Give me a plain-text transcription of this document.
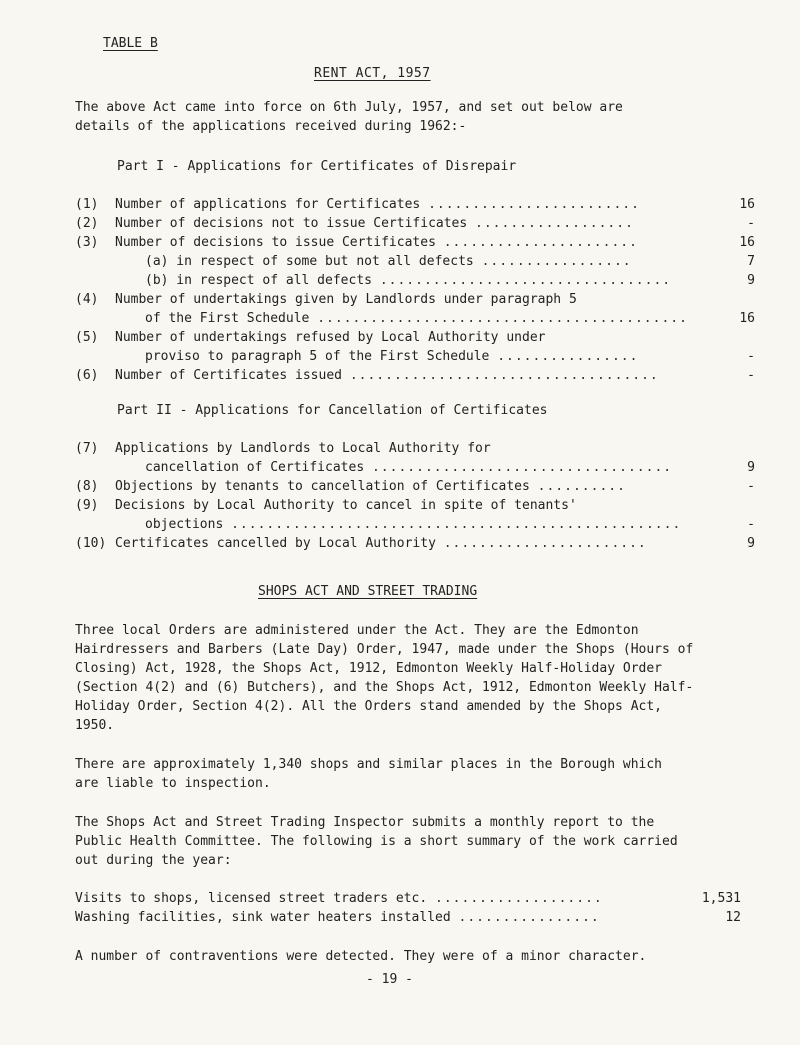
TABLE B
RENT ACT, 1957
The above Act came into force on 6th July, 1957, and set out below are
details of the applications received during 1962:-
Part I - Applications for Certificates of Disrepair
(1) Number of applications for Certificates ........................	16
(2) Number of decisions not to issue Certificates ..................	-
(3) Number of decisions to issue Certificates ......................	16
(a) in respect of some but not all defects .................	7
(b) in respect of all defects .................................	9
(4) Number of undertakings given by Landlords under paragraph 5
of the First Schedule ..........................................	16
(5) Number of undertakings refused by Local Authority under
proviso to paragraph 5 of the First Schedule ................	-
(6) Number of Certificates issued ...................................	-
Part II - Applications for Cancellation of Certificates
(7) Applications by Landlords to Local Authority for
cancellation of Certificates ..................................	9
(8) Objections by tenants to cancellation of Certificates ..........	-
(9) Decisions by Local Authority to cancel in spite of tenants'
objections ...................................................	-
(10) Certificates cancelled by Local Authority .......................	9
SHOPS ACT AND STREET TRADING
Three local Orders are administered under the Act. They are the Edmonton
Hairdressers and Barbers (Late Day) Order, 1947, made under the Shops (Hours of
Closing) Act, 1928, the Shops Act, 1912, Edmonton Weekly Half-Holiday Order
(Section 4(2) and (6) Butchers), and the Shops Act, 1912, Edmonton Weekly Half-
Holiday Order, Section 4(2). All the Orders stand amended by the Shops Act,
1950.
There are approximately 1,340 shops and similar places in the Borough which
are liable to inspection.
The Shops Act and Street Trading Inspector submits a monthly report to the
Public Health Committee. The following is a short summary of the work carried
out during the year:
Visits to shops, licensed street traders etc. ...................	1,531
Washing facilities, sink water heaters installed ................	12
A number of contraventions were detected. They were of a minor character.
- 19 -
